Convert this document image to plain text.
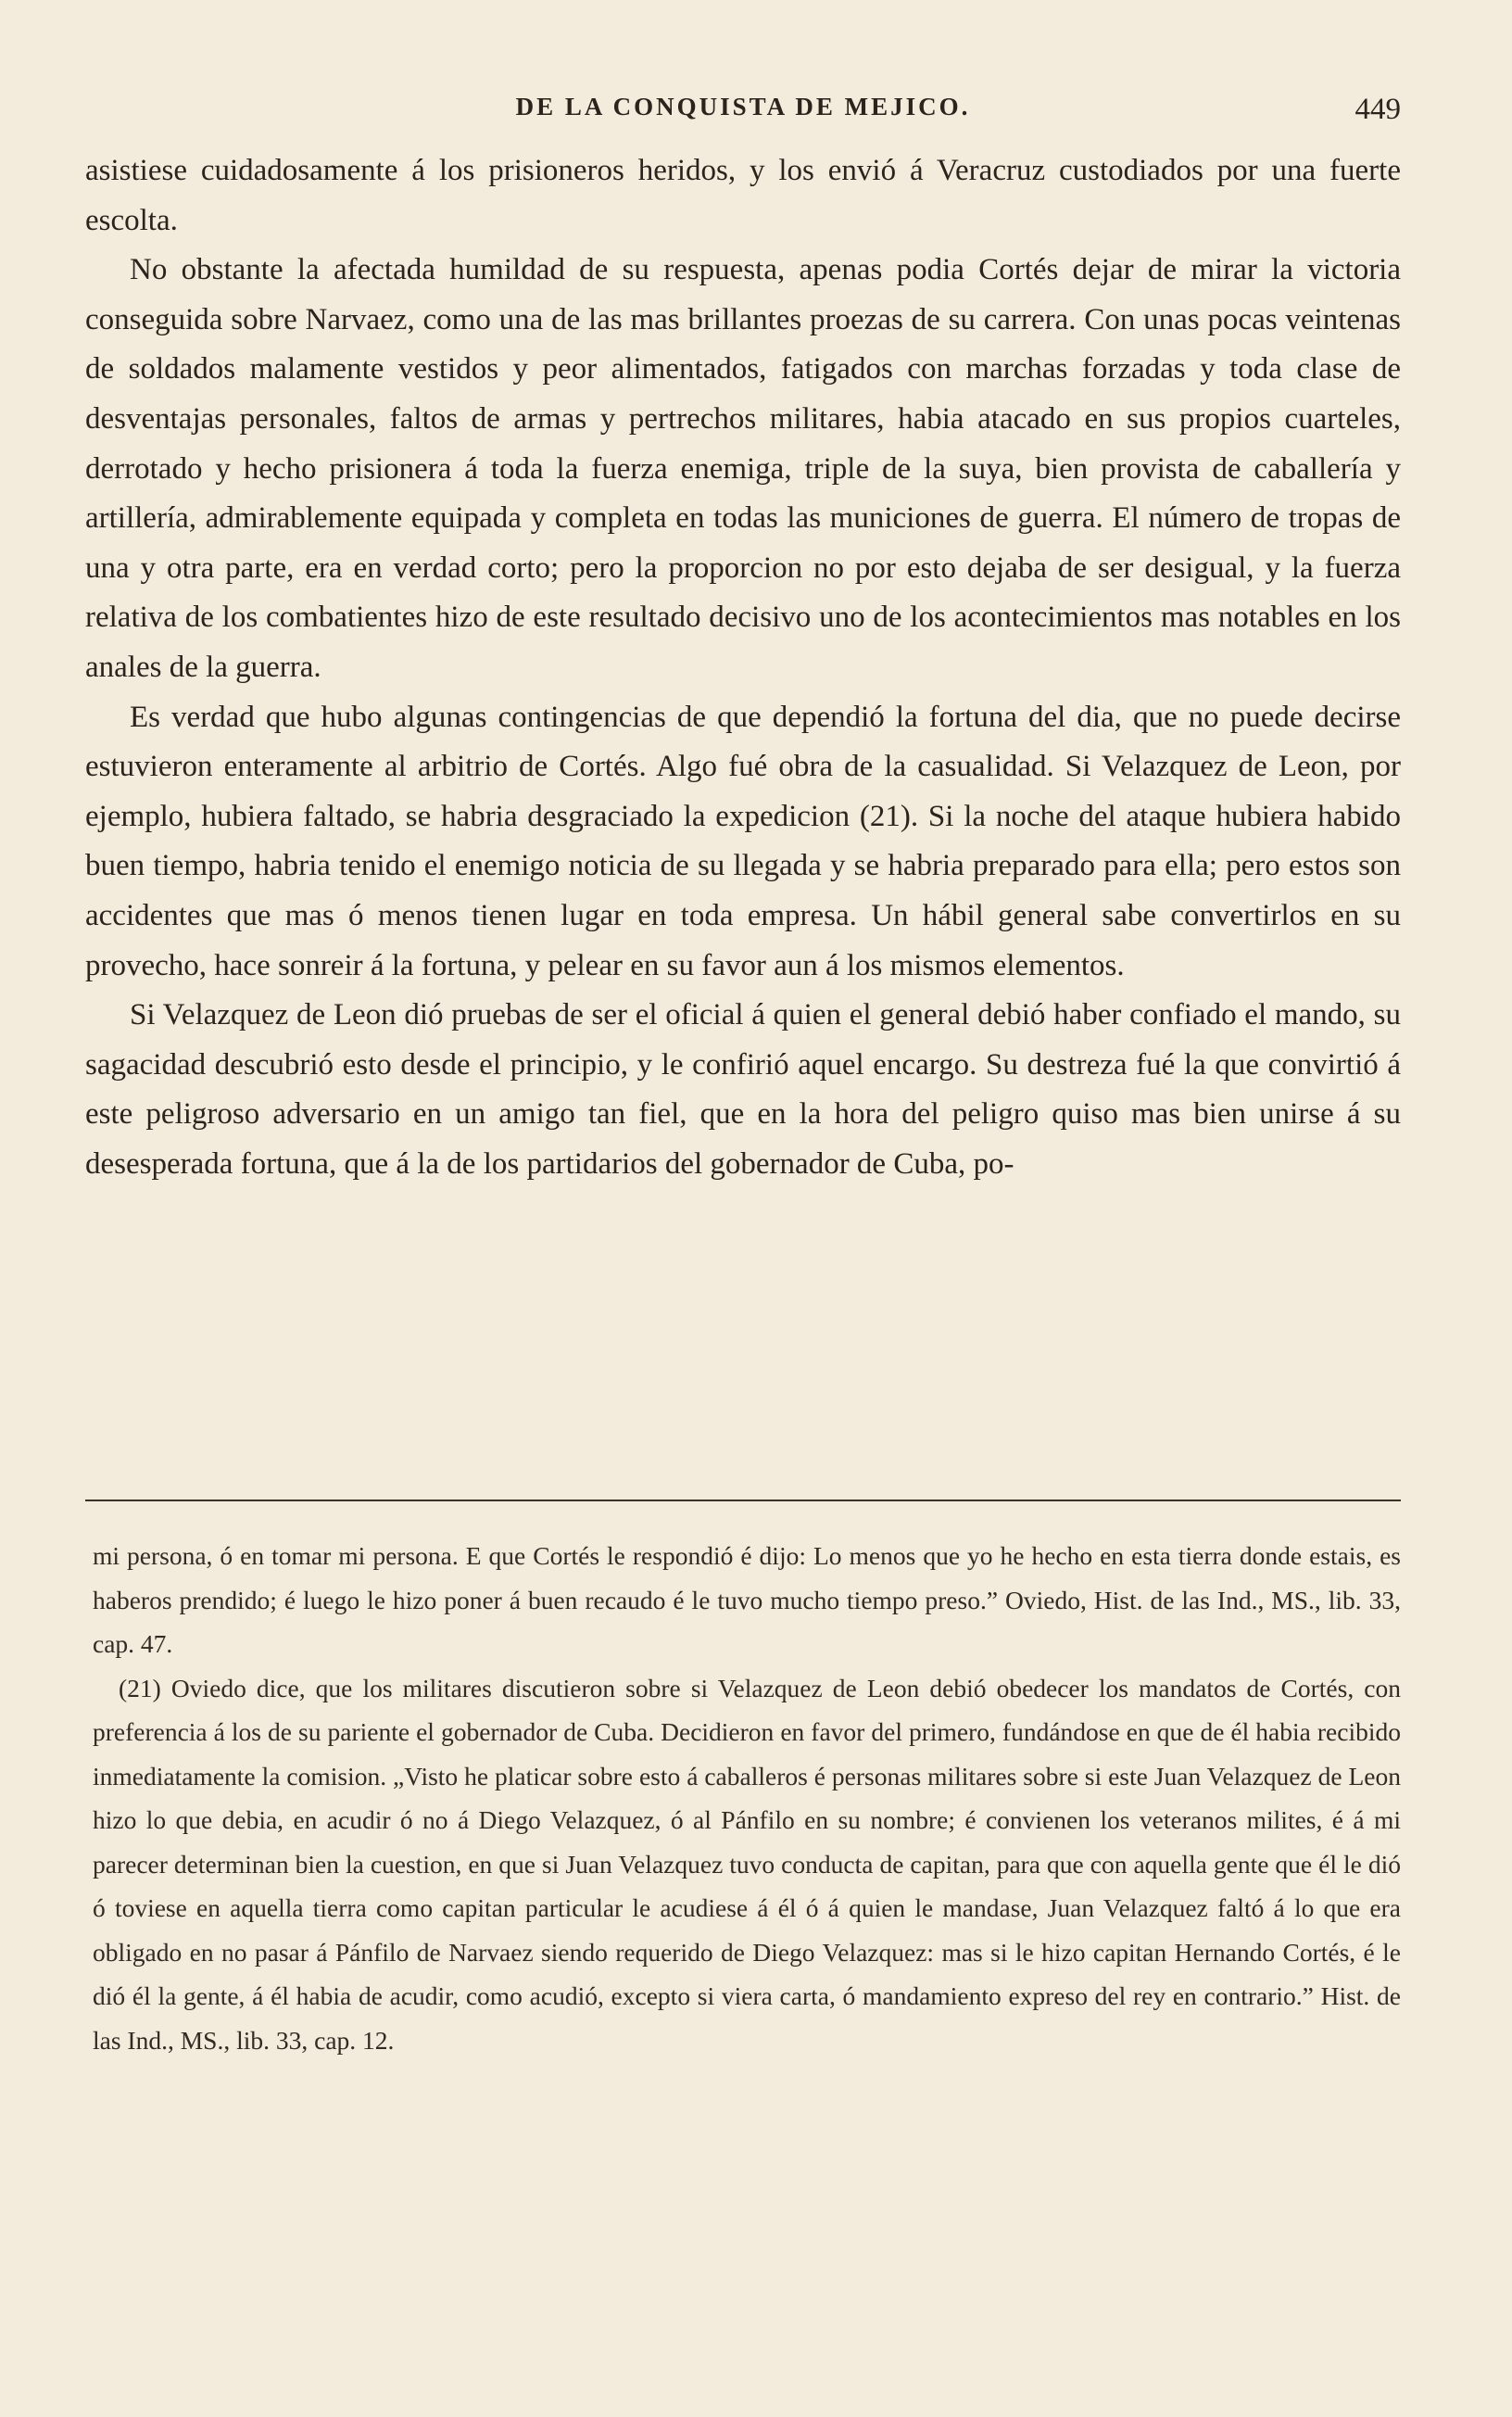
DE LA CONQUISTA DE MEJICO.	449

asistiese cuidadosamente á los prisioneros heridos, y los envió á Veracruz custodiados por una fuerte escolta.

No obstante la afectada humildad de su respuesta, apenas podia Cortés dejar de mirar la victoria conseguida sobre Narvaez, como una de las mas brillantes proezas de su carrera. Con unas pocas veintenas de soldados malamente vestidos y peor alimentados, fatigados con marchas forzadas y toda clase de desventajas personales, faltos de armas y pertrechos militares, habia atacado en sus propios cuarteles, derrotado y hecho prisionera á toda la fuerza enemiga, triple de la suya, bien provista de caballería y artillería, admirablemente equipada y completa en todas las municiones de guerra. El número de tropas de una y otra parte, era en verdad corto; pero la proporcion no por esto dejaba de ser desigual, y la fuerza relativa de los combatientes hizo de este resultado decisivo uno de los acontecimientos mas notables en los anales de la guerra.

Es verdad que hubo algunas contingencias de que dependió la fortuna del dia, que no puede decirse estuvieron enteramente al arbitrio de Cortés. Algo fué obra de la casualidad. Si Velazquez de Leon, por ejemplo, hubiera faltado, se habria desgraciado la expedicion (21). Si la noche del ataque hubiera habido buen tiempo, habria tenido el enemigo noticia de su llegada y se habria preparado para ella; pero estos son accidentes que mas ó menos tienen lugar en toda empresa. Un hábil general sabe convertirlos en su provecho, hace sonreir á la fortuna, y pelear en su favor aun á los mismos elementos.

Si Velazquez de Leon dió pruebas de ser el oficial á quien el general debió haber confiado el mando, su sagacidad descubrió esto desde el principio, y le confirió aquel encargo. Su destreza fué la que convirtió á este peligroso adversario en un amigo tan fiel, que en la hora del peligro quiso mas bien unirse á su desesperada fortuna, que á la de los partidarios del gobernador de Cuba, po-

mi persona, ó en tomar mi persona. E que Cortés le respondió é dijo: Lo menos que yo he hecho en esta tierra donde estais, es haberos prendido; é luego le hizo poner á buen recaudo é le tuvo mucho tiempo preso.” Oviedo, Hist. de las Ind., MS., lib. 33, cap. 47.

(21) Oviedo dice, que los militares discutieron sobre si Velazquez de Leon debió obedecer los mandatos de Cortés, con preferencia á los de su pariente el gobernador de Cuba. Decidieron en favor del primero, fundándose en que de él habia recibido inmediatamente la comision. „Visto he platicar sobre esto á caballeros é personas militares sobre si este Juan Velazquez de Leon hizo lo que debia, en acudir ó no á Diego Velazquez, ó al Pánfilo en su nombre; é convienen los veteranos milites, é á mi parecer determinan bien la cuestion, en que si Juan Velazquez tuvo conducta de capitan, para que con aquella gente que él le dió ó toviese en aquella tierra como capitan particular le acudiese á él ó á quien le mandase, Juan Velazquez faltó á lo que era obligado en no pasar á Pánfilo de Narvaez siendo requerido de Diego Velazquez: mas si le hizo capitan Hernando Cortés, é le dió él la gente, á él habia de acudir, como acudió, excepto si viera carta, ó mandamiento expreso del rey en contrario.” Hist. de las Ind., MS., lib. 33, cap. 12.
